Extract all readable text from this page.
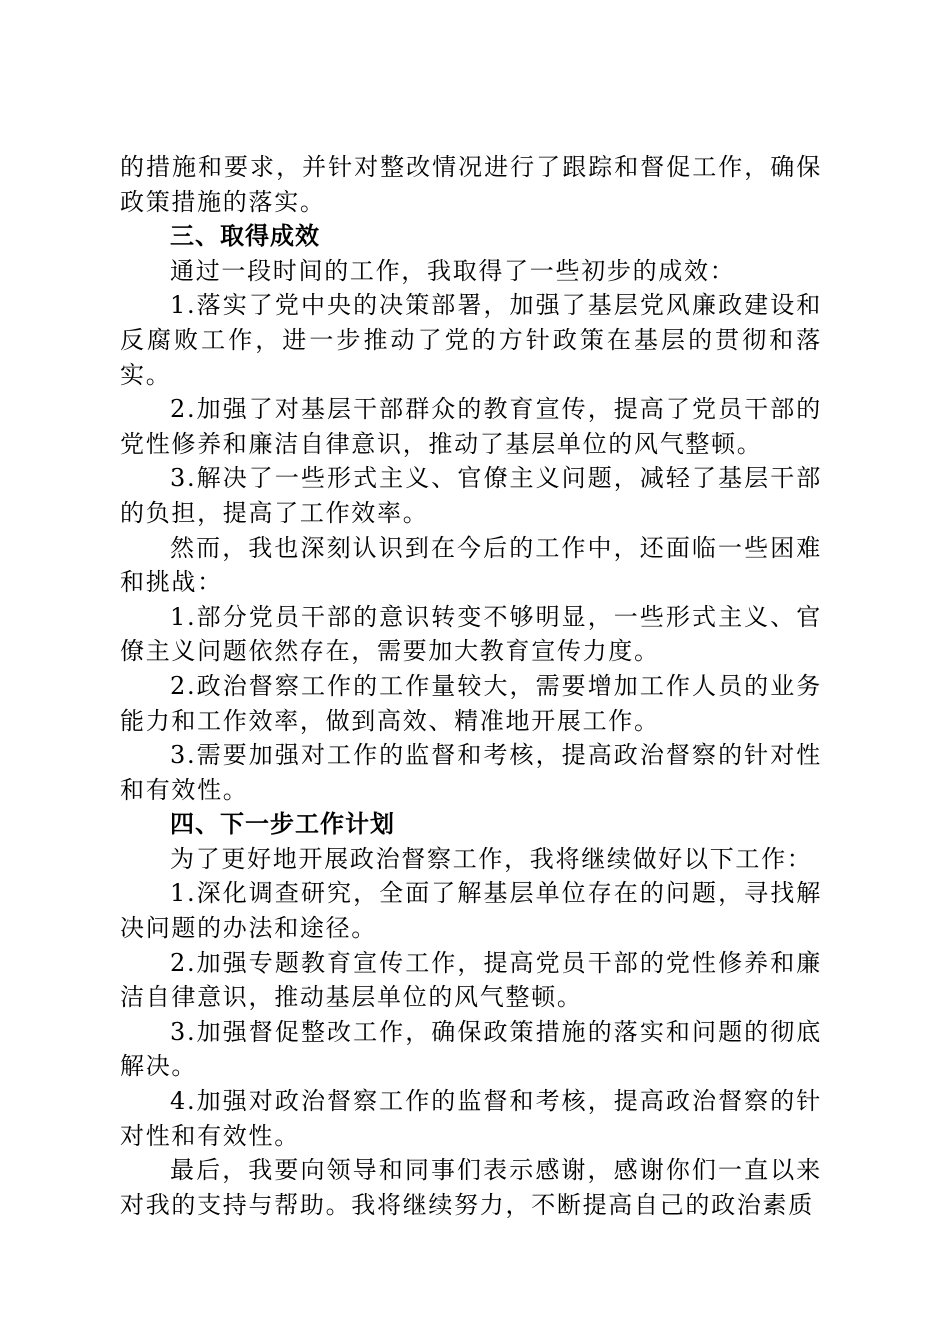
的措施和要求，并针对整改情况进行了跟踪和督促工作，确保政策措施的落实。

三、取得成效

通过一段时间的工作，我取得了一些初步的成效：

1.落实了党中央的决策部署，加强了基层党风廉政建设和反腐败工作，进一步推动了党的方针政策在基层的贯彻和落实。

2.加强了对基层干部群众的教育宣传，提高了党员干部的党性修养和廉洁自律意识，推动了基层单位的风气整顿。

3.解决了一些形式主义、官僚主义问题，减轻了基层干部的负担，提高了工作效率。

然而，我也深刻认识到在今后的工作中，还面临一些困难和挑战：

1.部分党员干部的意识转变不够明显，一些形式主义、官僚主义问题依然存在，需要加大教育宣传力度。

2.政治督察工作的工作量较大，需要增加工作人员的业务能力和工作效率，做到高效、精准地开展工作。

3.需要加强对工作的监督和考核，提高政治督察的针对性和有效性。

四、下一步工作计划

为了更好地开展政治督察工作，我将继续做好以下工作：

1.深化调查研究，全面了解基层单位存在的问题，寻找解决问题的办法和途径。

2.加强专题教育宣传工作，提高党员干部的党性修养和廉洁自律意识，推动基层单位的风气整顿。

3.加强督促整改工作，确保政策措施的落实和问题的彻底解决。

4.加强对政治督察工作的监督和考核，提高政治督察的针对性和有效性。

最后，我要向领导和同事们表示感谢，感谢你们一直以来对我的支持与帮助。我将继续努力，不断提高自己的政治素质
